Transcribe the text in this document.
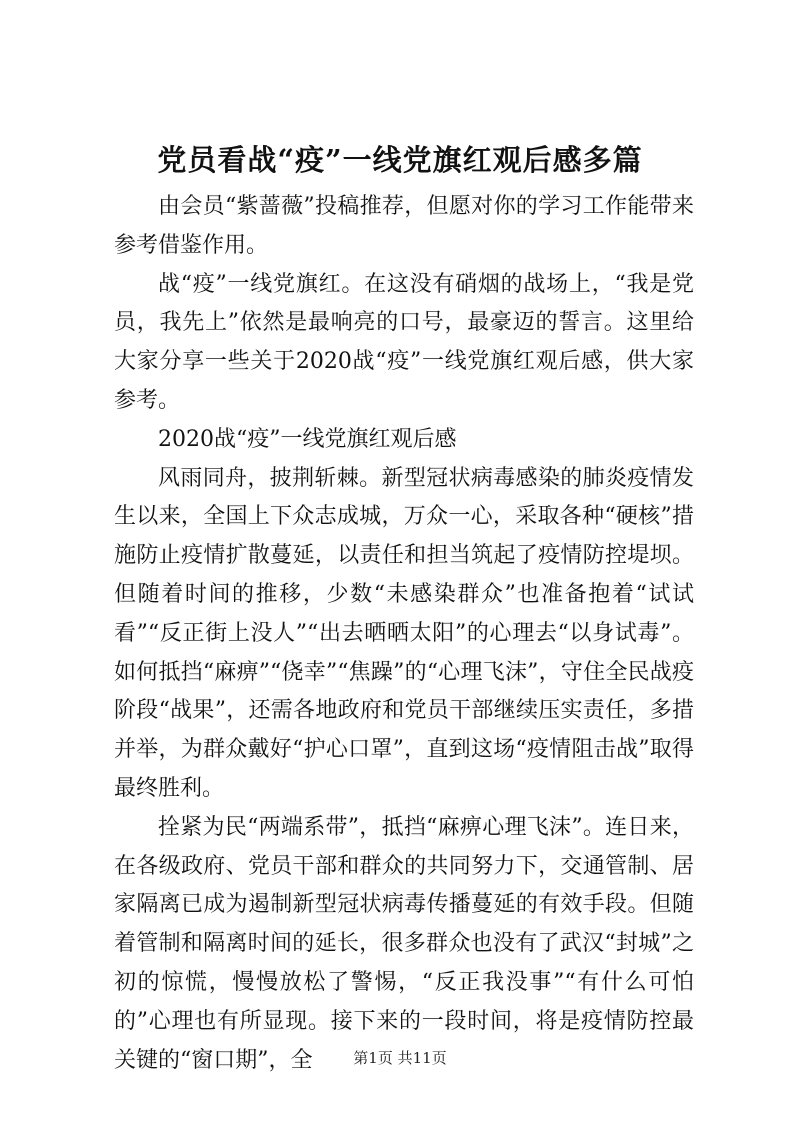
党员看战“疫”一线党旗红观后感多篇

由会员“紫蔷薇”投稿推荐，但愿对你的学习工作能带来参考借鉴作用。

战“疫”一线党旗红。在这没有硝烟的战场上，“我是党员，我先上”依然是最响亮的口号，最豪迈的誓言。这里给大家分享一些关于2020战“疫”一线党旗红观后感，供大家参考。

2020战“疫”一线党旗红观后感

风雨同舟，披荆斩棘。新型冠状病毒感染的肺炎疫情发生以来，全国上下众志成城，万众一心，采取各种“硬核”措施防止疫情扩散蔓延，以责任和担当筑起了疫情防控堤坝。但随着时间的推移，少数“未感染群众”也准备抱着“试试看”“反正街上没人”“出去晒晒太阳”的心理去“以身试毒”。如何抵挡“麻痹”“侥幸”“焦躁”的“心理飞沫”，守住全民战疫阶段“战果”，还需各地政府和党员干部继续压实责任，多措并举，为群众戴好“护心口罩”，直到这场“疫情阻击战”取得最终胜利。

拴紧为民“两端系带”，抵挡“麻痹心理飞沫”。连日来，在各级政府、党员干部和群众的共同努力下，交通管制、居家隔离已成为遏制新型冠状病毒传播蔓延的有效手段。但随着管制和隔离时间的延长，很多群众也没有了武汉“封城”之初的惊慌，慢慢放松了警惕，“反正我没事”“有什么可怕的”心理也有所显现。接下来的一段时间，将是疫情防控最关键的“窗口期”，全	第1页 共11页
